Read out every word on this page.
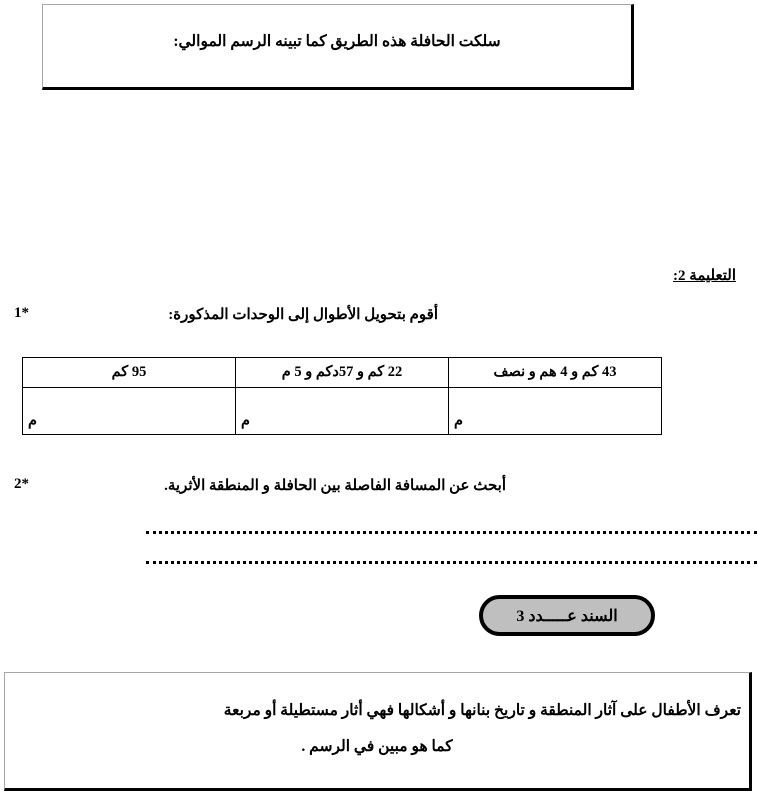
سلكت الحافلة هذه الطريق كما تبينه الرسم الموالي:
التعليمة 2:
1*	أقوم بتحويل الأطوال إلى الوحدات المذكورة:
43 كم و 4 هم و نصف	22 كم و 57دكم و 5 م	95 كم

م	م	م
2*	أبحث عن المسافة الفاصلة بين الحافلة و المنطقة الأثرية.
السند عـــــدد 3
تعرف الأطفال على آثار المنطقة و تاريخ بنانها و أشكالها فهي أثار مستطيلة أو مربعة
كما هو مبين في الرسم .
